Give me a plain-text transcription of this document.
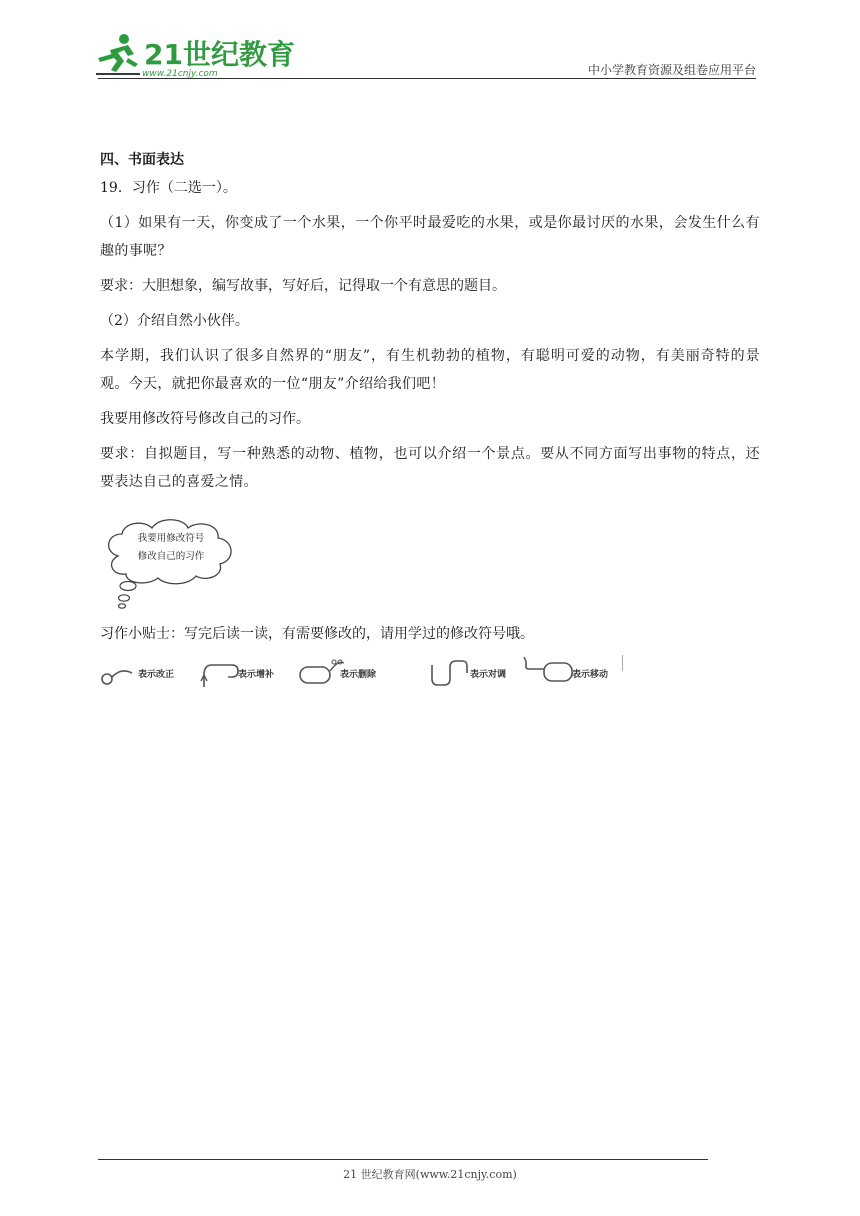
21世纪教育
www.21cnjy.com	中小学教育资源及组卷应用平台

四、书面表达

19．习作（二选一）。

（1）如果有一天，你变成了一个水果，一个你平时最爱吃的水果，或是你最讨厌的水果，会发生什么有趣的事呢？

要求：大胆想象，编写故事，写好后，记得取一个有意思的题目。

（2）介绍自然小伙伴。

本学期，我们认识了很多自然界的“朋友”，有生机勃勃的植物，有聪明可爱的动物，有美丽奇特的景观。今天，就把你最喜欢的一位“朋友”介绍给我们吧！

我要用修改符号修改自己的习作。

要求：自拟题目，写一种熟悉的动物、植物，也可以介绍一个景点。要从不同方面写出事物的特点，还要表达自己的喜爱之情。

我要用修改符号
修改自己的习作
习作小贴士：写完后读一读，有需要修改的，请用学过的修改符号哦。
表示改正	表示增补	表示删除	表示对调	表示移动
21 世纪教育网(www.21cnjy.com)
